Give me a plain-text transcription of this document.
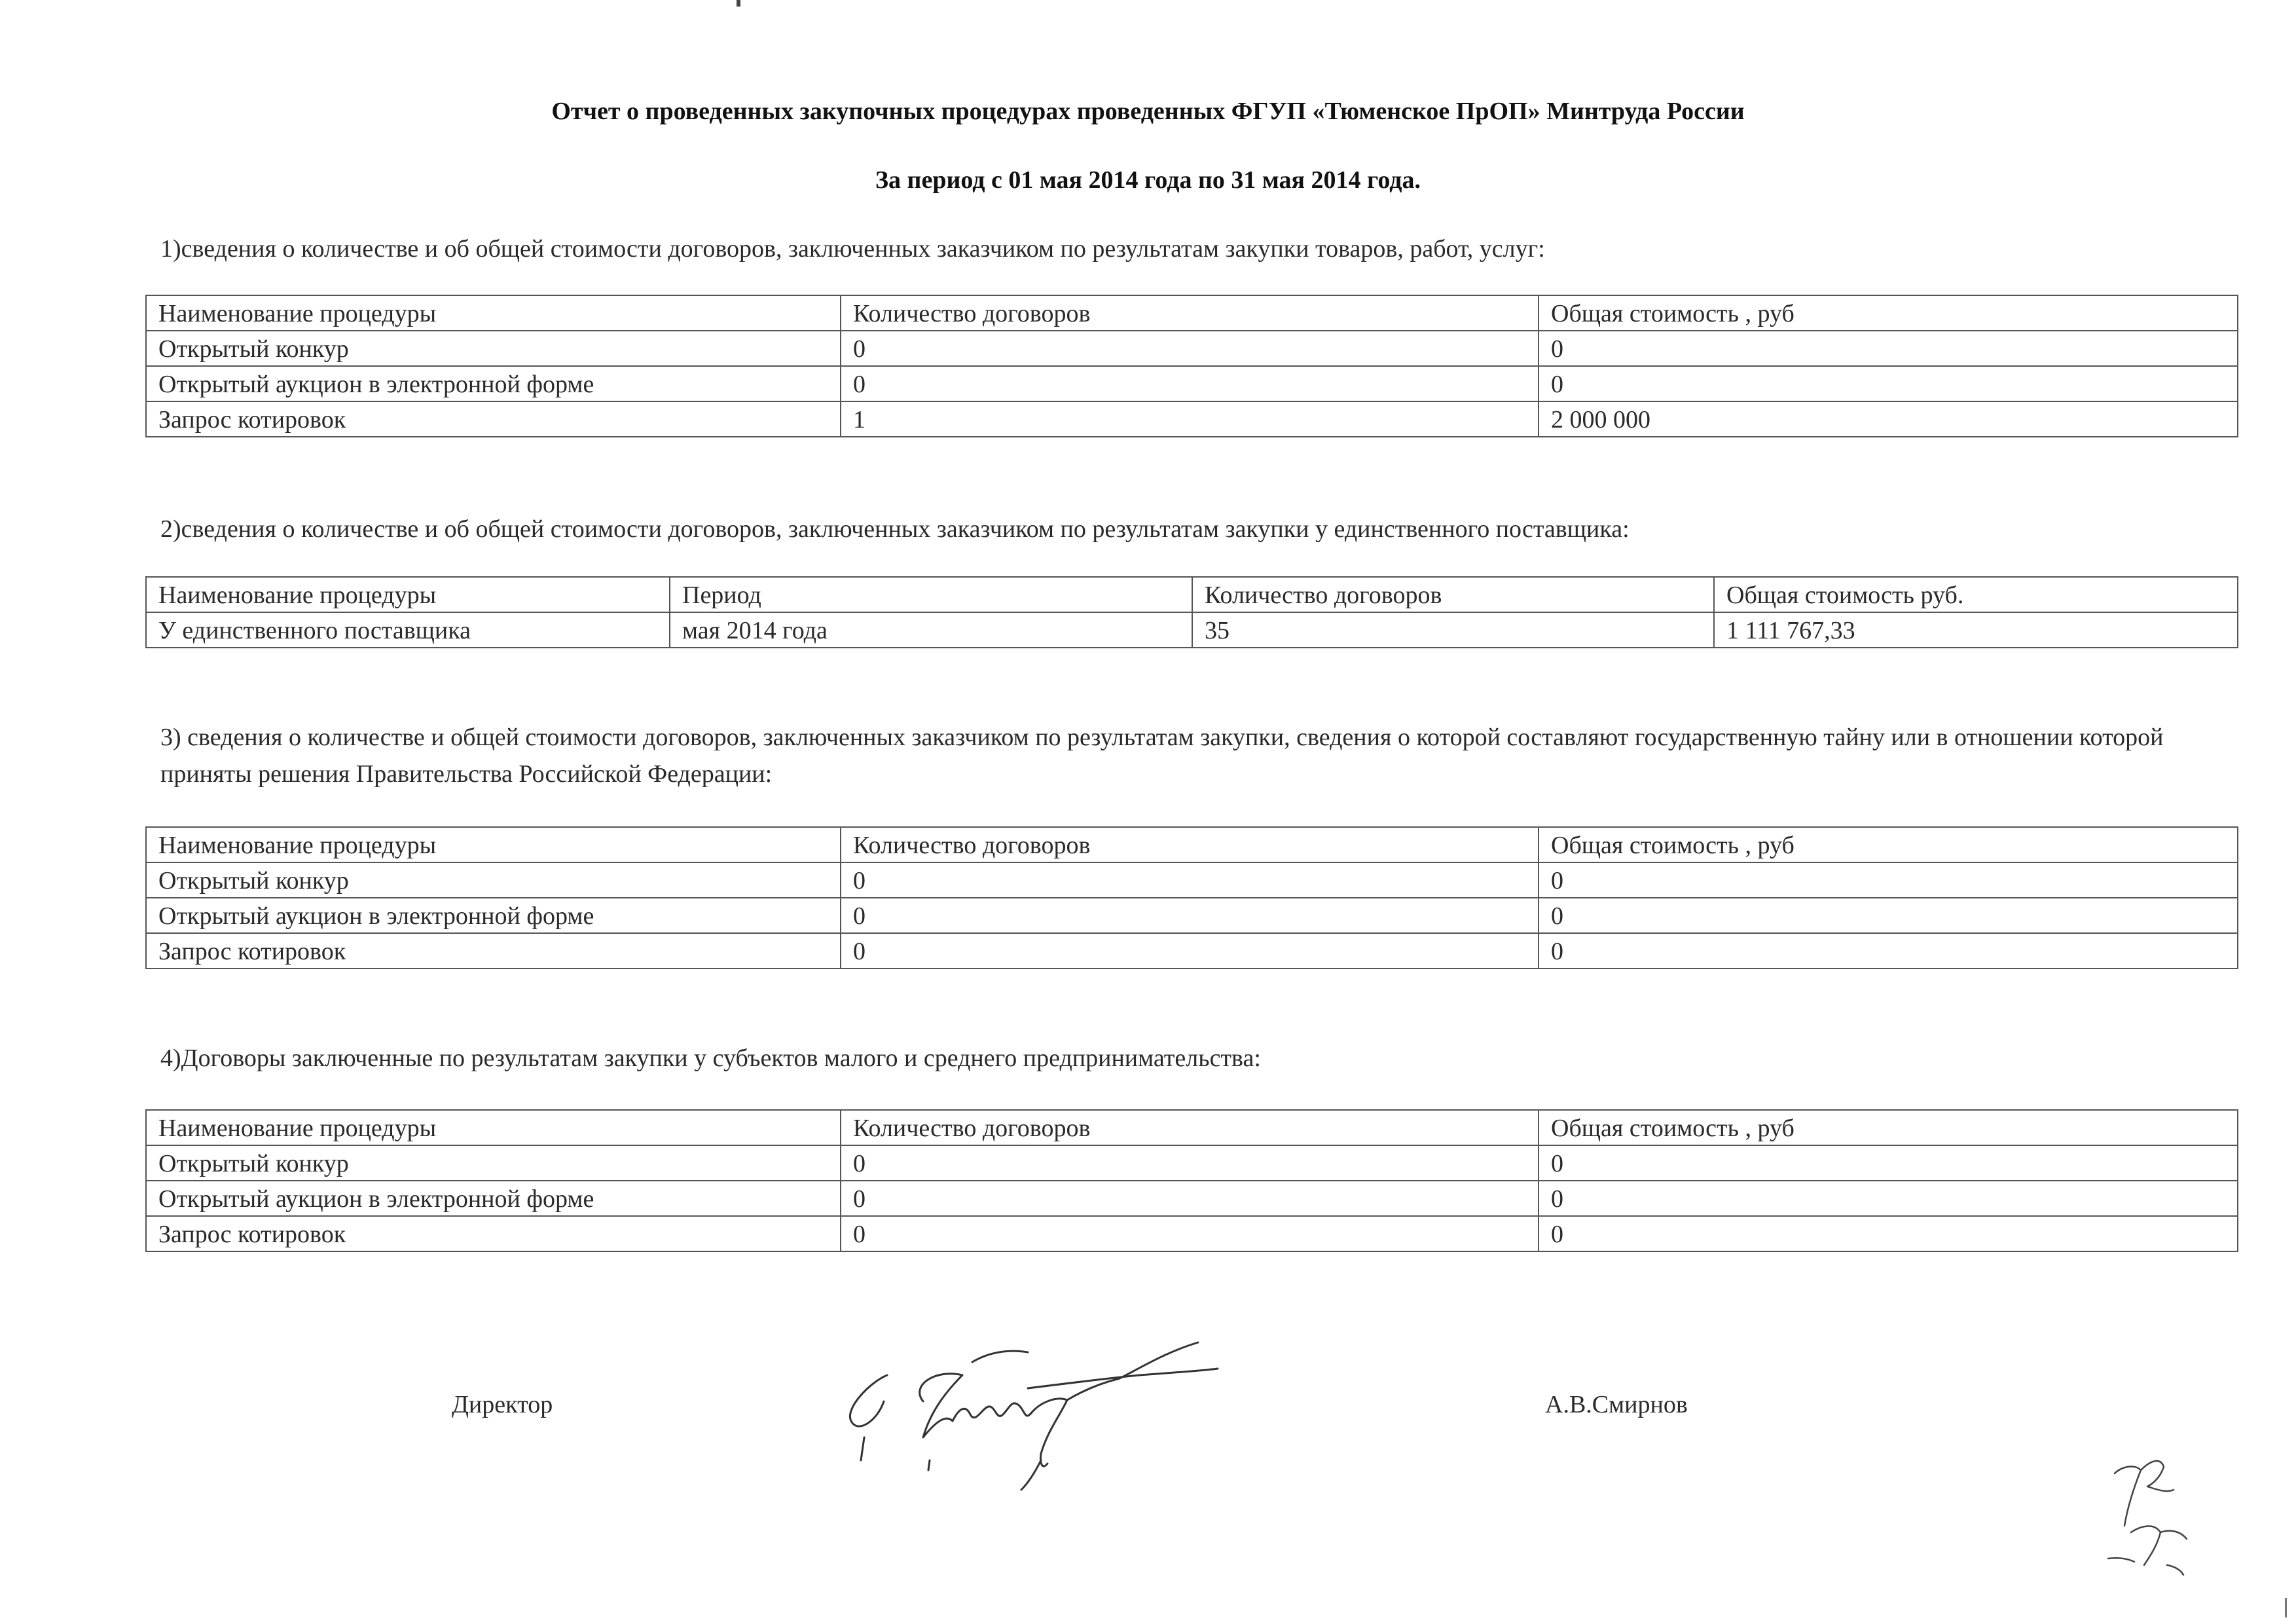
Отчет о проведенных закупочных процедурах проведенных ФГУП «Тюменское ПрОП» Минтруда России
За период с 01 мая 2014 года по 31 мая 2014 года.
1)сведения о количестве и об общей стоимости договоров, заключенных заказчиком по результатам закупки товаров, работ, услуг:
Наименование процедуры	Количество договоров	Общая стоимость , руб
Открытый конкур	0	0
Открытый аукцион в электронной форме	0	0
Запрос котировок	1	2 000 000
2)сведения о количестве и об общей стоимости договоров, заключенных заказчиком по результатам закупки у единственного поставщика:
Наименование процедуры	Период	Количество договоров	Общая стоимость руб.
У единственного поставщика	мая 2014 года	35	1 111 767,33
3) сведения о количестве и общей стоимости договоров, заключенных заказчиком по результатам закупки, сведения о которой составляют государственную тайну или в отношении которой приняты решения Правительства Российской Федерации:
Наименование процедуры	Количество договоров	Общая стоимость , руб
Открытый конкур	0	0
Открытый аукцион в электронной форме	0	0
Запрос котировок	0	0
4)Договоры заключенные по результатам закупки у субъектов малого и среднего предпринимательства:
Наименование процедуры	Количество договоров	Общая стоимость , руб
Открытый конкур	0	0
Открытый аукцион в электронной форме	0	0
Запрос котировок	0	0
Директор	А.В.Смирнов
